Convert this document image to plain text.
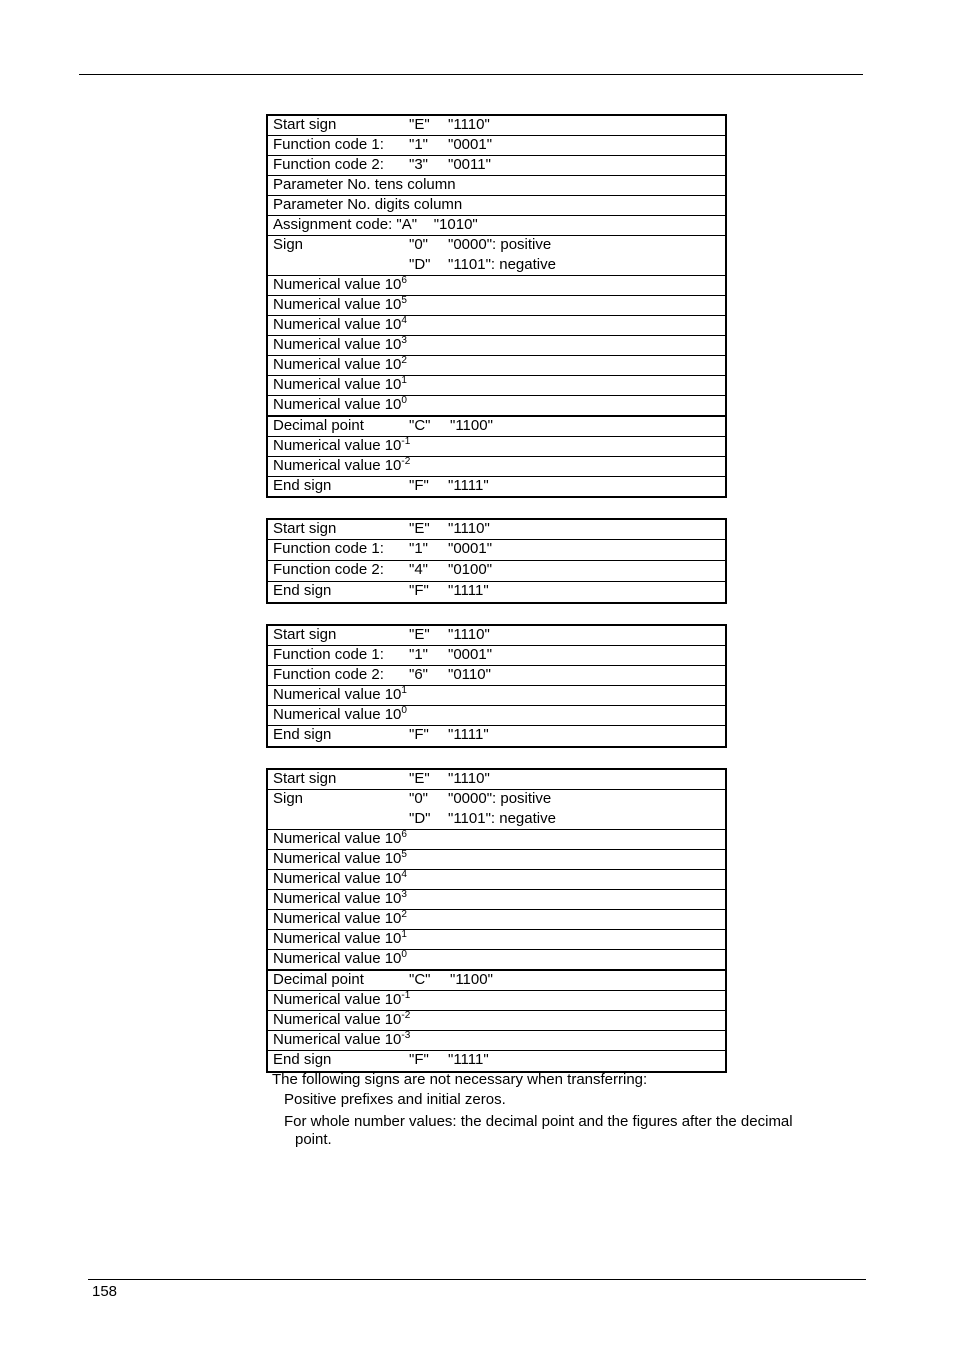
Start sign	"E" "1110"
Function code 1: "1" "0001"
Function code 2: "3" "0011"
Parameter No. tens column
Parameter No. digits column
Assignment code: "A"    "1010"
Sign	"0" "0000": positive
"D" "1101": negative
Numerical value $10^6$
Numerical value $10^5$
Numerical value $10^4$
Numerical value $10^3$
Numerical value $10^2$
Numerical value $10^1$
Numerical value $10^0$
Decimal point	"C" "1100"
Numerical value $10^{-1}$
Numerical value $10^{-2}$
End sign	"F" "1111"
Start sign	"E" "1110"
Function code 1: "1" "0001"
Function code 2: "4" "0100"
End sign	"F" "1111"
Start sign	"E" "1110"
Function code 1: "1" "0001"
Function code 2: "6" "0110"
Numerical value $10^1$
Numerical value $10^0$
End sign	"F" "1111"
Start sign	"E" "1110"
Sign	"0" "0000": positive
"D" "1101": negative
Numerical value $10^6$
Numerical value $10^5$
Numerical value $10^4$
Numerical value $10^3$
Numerical value $10^2$
Numerical value $10^1$
Numerical value $10^0$
Decimal point	"C" "1100"
Numerical value $10^{-1}$
Numerical value $10^{-2}$
Numerical value $10^{-3}$
End sign	"F" "1111"
The following signs are not necessary when transferring:
Positive prefixes and initial zeros.
For whole number values: the decimal point and the figures after the decimal
point.
158
